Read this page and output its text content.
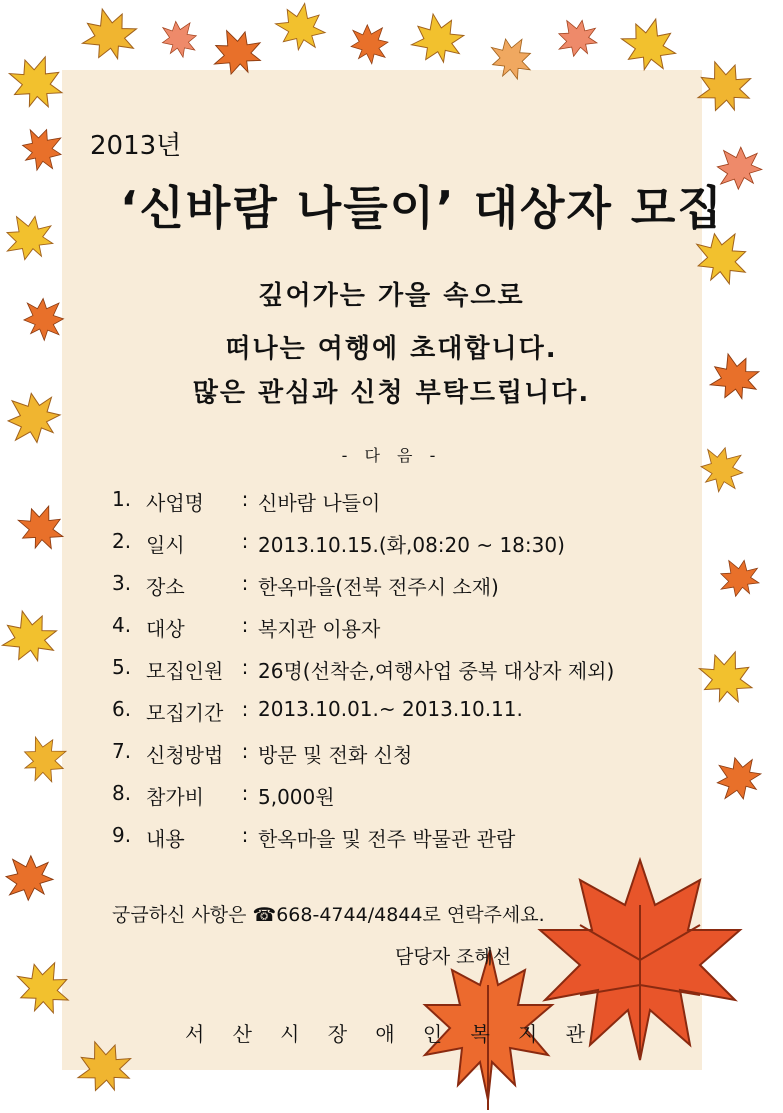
2013년
‘신바람 나들이’ 대상자 모집
깊어가는 가을 속으로
떠나는 여행에 초대합니다.
많은 관심과 신청 부탁드립니다.
- 다 음 -
1. 사업명	: 신바람 나들이
2. 일시	: 2013.10.15.(화,08:20 ~ 18:30)
3. 장소	: 한옥마을(전북 전주시 소재)
4. 대상	: 복지관 이용자
5. 모집인원 : 26명(선착순,여행사업 중복 대상자 제외)
6. 모집기간 : 2013.10.01.~ 2013.10.11.
7. 신청방법 : 방문 및 전화 신청
8. 참가비	: 5,000원
9. 내용	: 한옥마을 및 전주 박물관 관람
궁금하신 사항은 ☎668-4744/4844로 연락주세요.
담당자 조혜선
서 산 시 장 애 인 복 지 관
